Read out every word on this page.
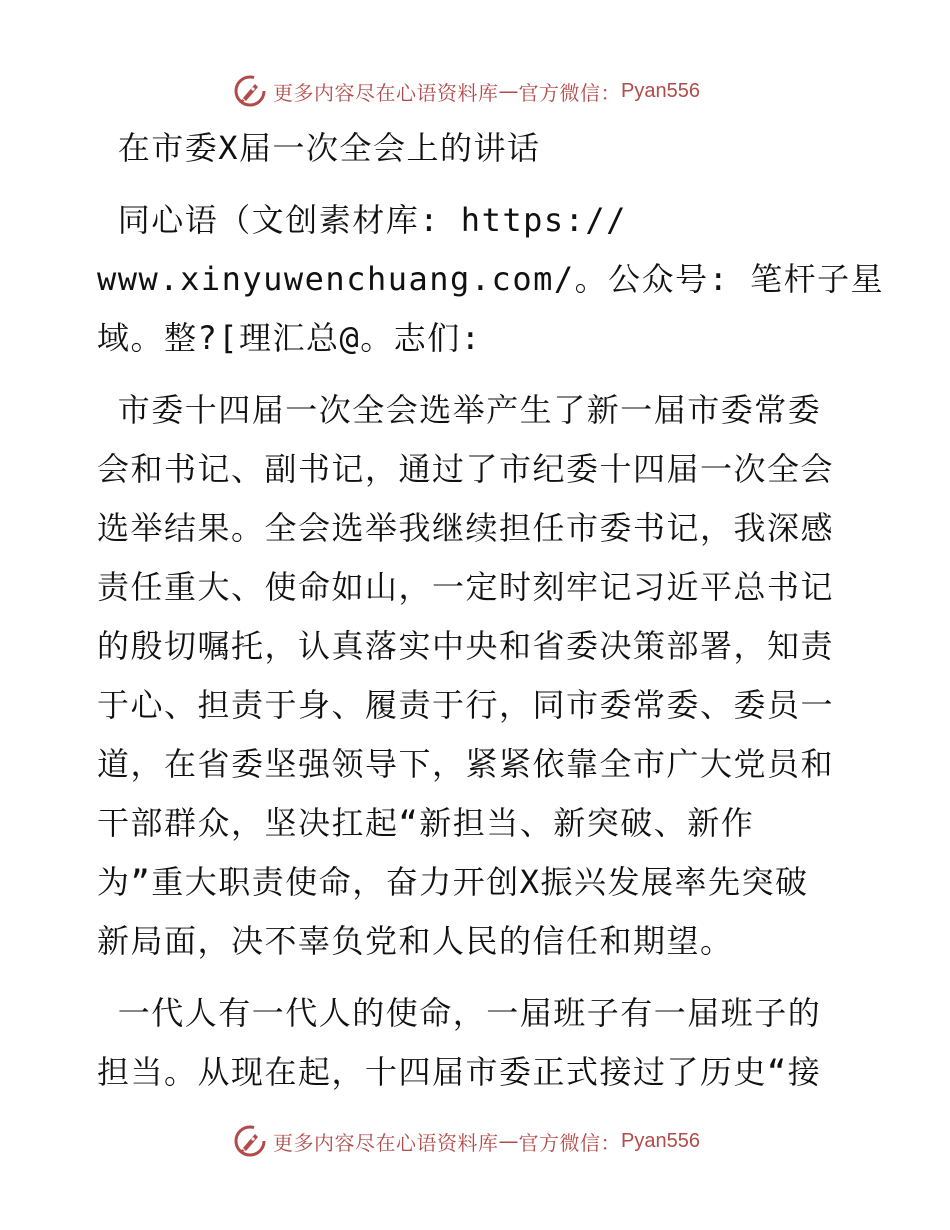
更多内容尽在心语资料库 — 官方微信： Pyan556
在市委X届一次全会上的讲话
同心语（文创素材库: https://
www.xinyuwenchuang.com/。公众号: 笔杆子星
域。整?[理汇总@。志们:
市委十四届一次全会选举产生了新一届市委常委
会和书记、副书记，通过了市纪委十四届一次全会
选举结果。全会选举我继续担任市委书记，我深感
责任重大、使命如山，一定时刻牢记习近平总书记
的殷切嘱托，认真落实中央和省委决策部署，知责
于心、担责于身、履责于行，同市委常委、委员一
道，在省委坚强领导下，紧紧依靠全市广大党员和
干部群众，坚决扛起“新担当、新突破、新作
为”重大职责使命，奋力开创X振兴发展率先突破
新局面，决不辜负党和人民的信任和期望。
一代人有一代人的使命，一届班子有一届班子的
担当。从现在起，十四届市委正式接过了历史“接
更多内容尽在心语资料库 — 官方微信： Pyan556
